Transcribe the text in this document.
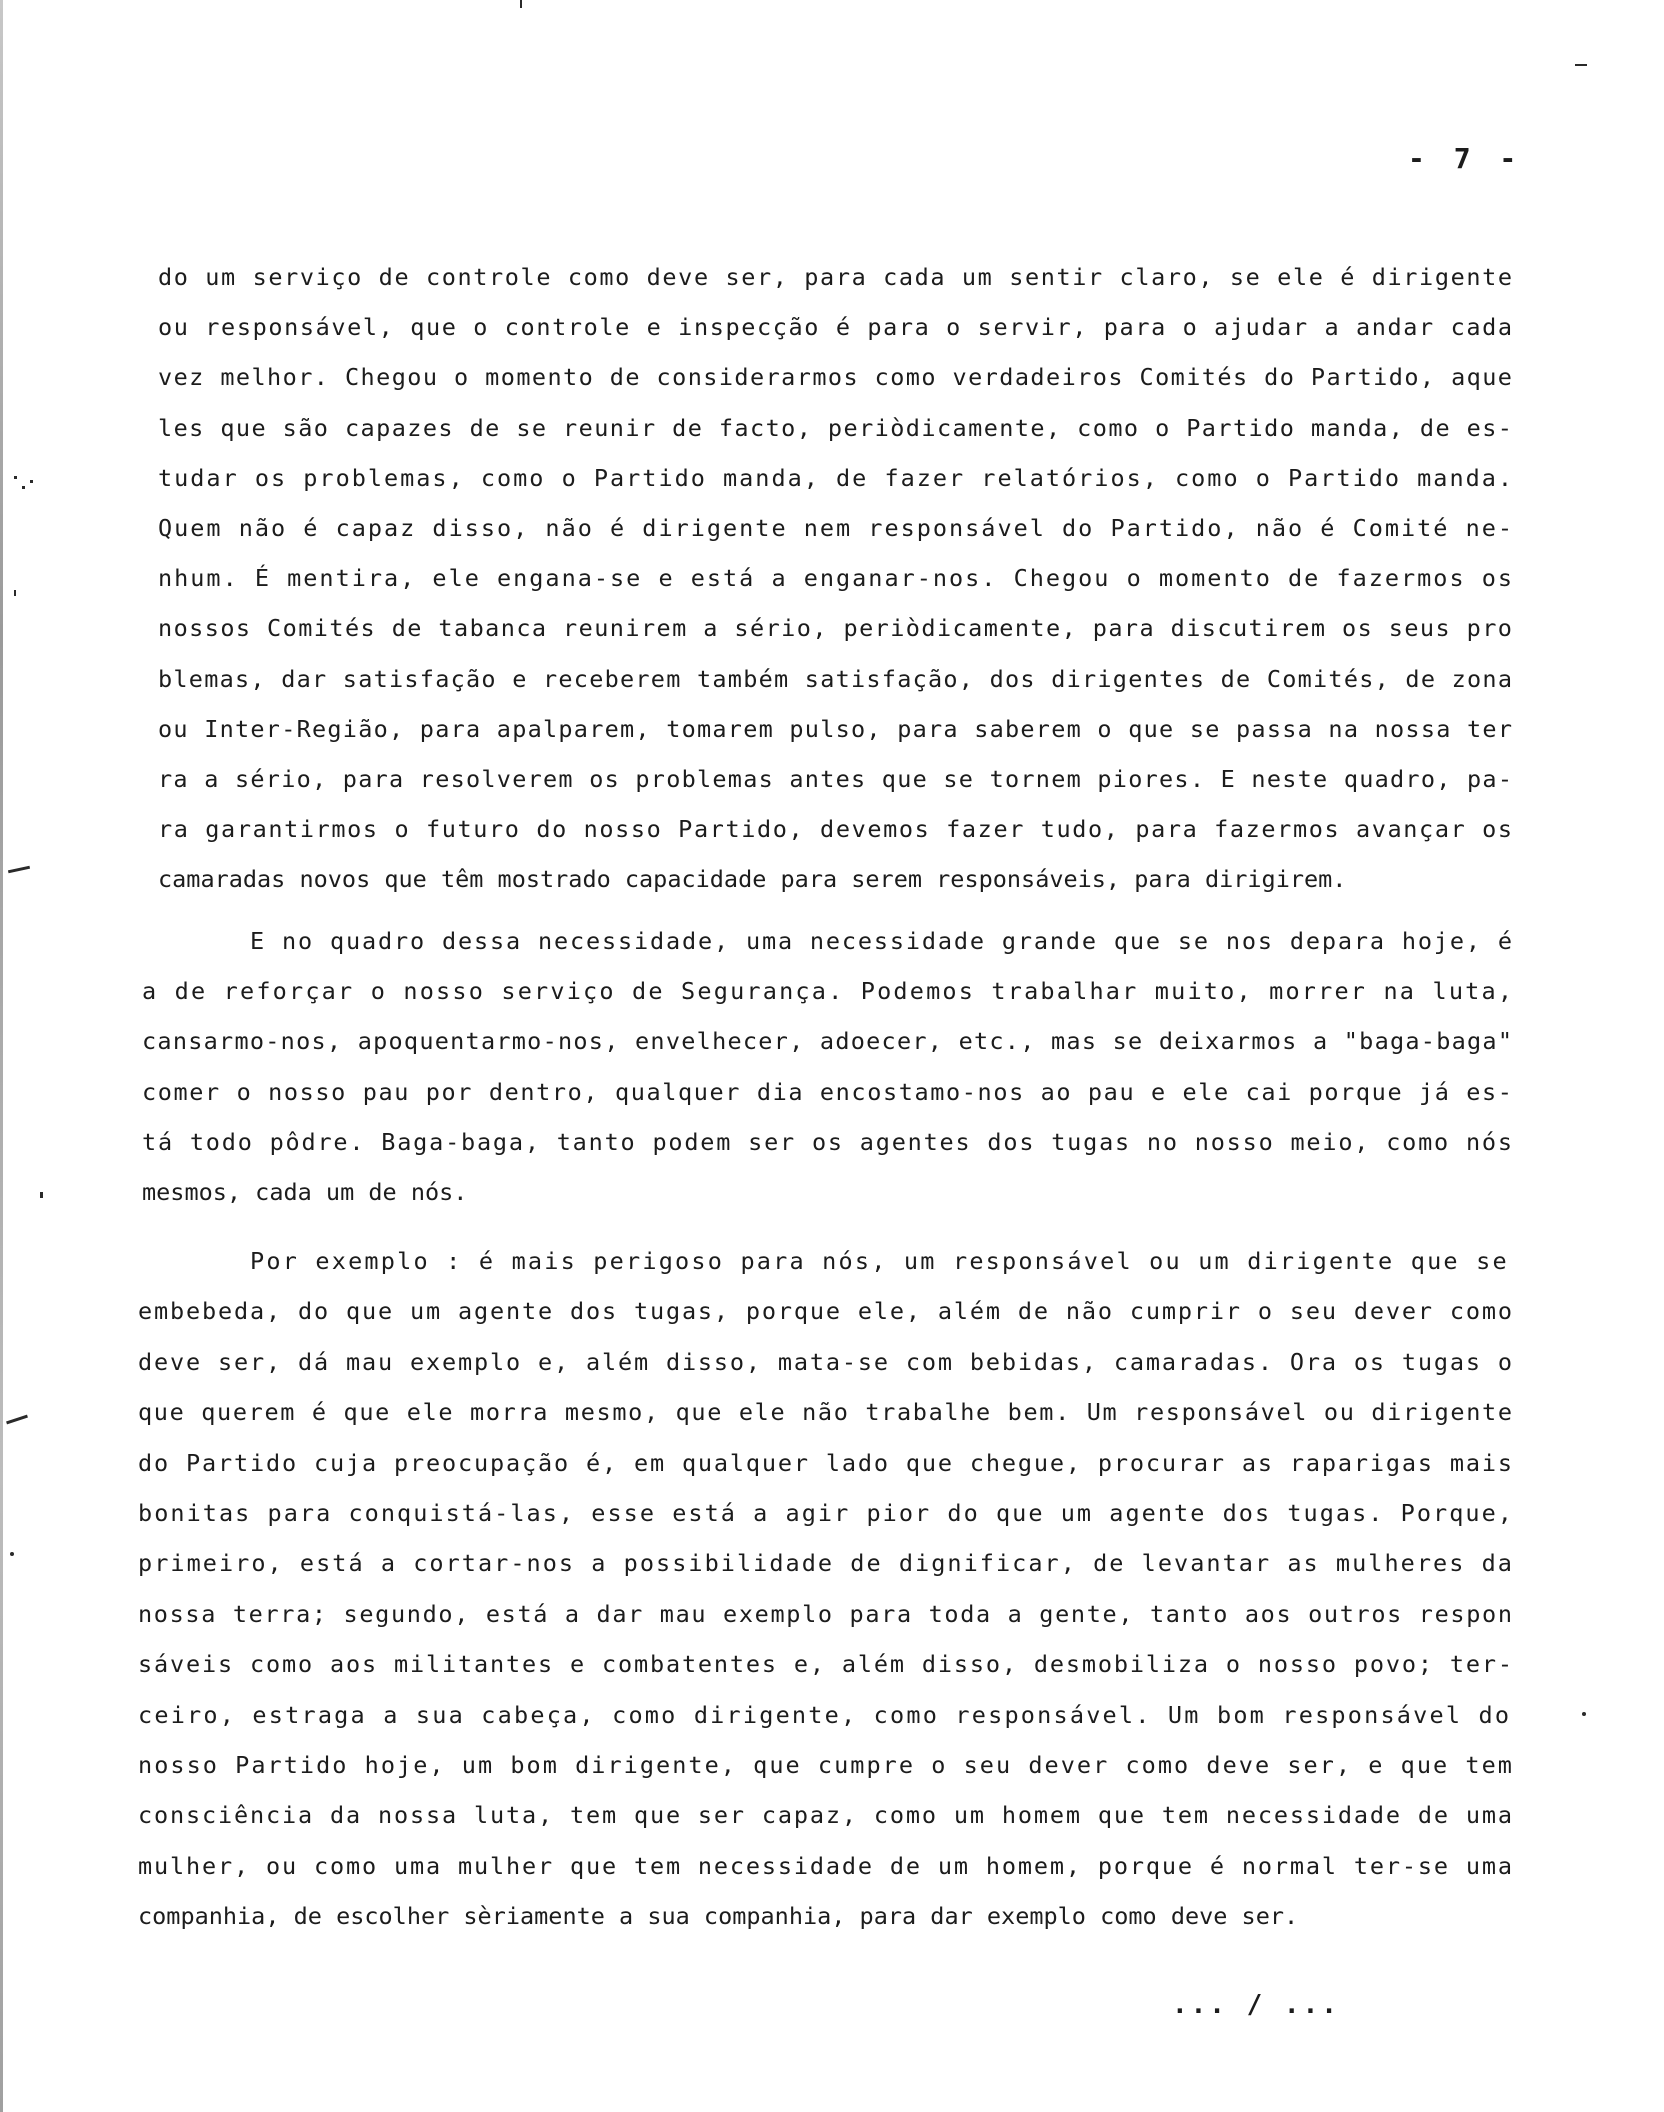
- 7 -
do um serviço de controle como deve ser, para cada um sentir claro, se ele é dirigente
ou responsável, que o controle e inspecção é para o servir, para o ajudar a andar cada
vez melhor. Chegou o momento de considerarmos como verdadeiros Comités do Partido, aque
les que são capazes de se reunir de facto, periòdicamente, como o Partido manda, de es-
tudar os problemas, como o Partido manda, de fazer relatórios, como o Partido manda.
Quem não é capaz disso, não é dirigente nem responsável do Partido, não é Comité ne-
nhum. É mentira, ele engana-se e está a enganar-nos. Chegou o momento de fazermos os
nossos Comités de tabanca reunirem a sério, periòdicamente, para discutirem os seus pro
blemas, dar satisfação e receberem também satisfação, dos dirigentes de Comités, de zona
ou Inter-Região, para apalparem, tomarem pulso, para saberem o que se passa na nossa ter
ra a sério, para resolverem os problemas antes que se tornem piores. E neste quadro, pa-
ra garantirmos o futuro do nosso Partido, devemos fazer tudo, para fazermos avançar os
camaradas novos que têm mostrado capacidade para serem responsáveis, para dirigirem.
E no quadro dessa necessidade, uma necessidade grande que se nos depara hoje, é
a de reforçar o nosso serviço de Segurança. Podemos trabalhar muito, morrer na luta,
cansarmo-nos, apoquentarmo-nos, envelhecer, adoecer, etc., mas se deixarmos a "baga-baga"
comer o nosso pau por dentro, qualquer dia encostamo-nos ao pau e ele cai porque já es-
tá todo pôdre. Baga-baga, tanto podem ser os agentes dos tugas no nosso meio, como nós
mesmos, cada um de nós.
Por exemplo : é mais perigoso para nós, um responsável ou um dirigente que se
embebeda, do que um agente dos tugas, porque ele, além de não cumprir o seu dever como
deve ser, dá mau exemplo e, além disso, mata-se com bebidas, camaradas. Ora os tugas o
que querem é que ele morra mesmo, que ele não trabalhe bem. Um responsável ou dirigente
do Partido cuja preocupação é, em qualquer lado que chegue, procurar as raparigas mais
bonitas para conquistá-las, esse está a agir pior do que um agente dos tugas. Porque,
primeiro, está a cortar-nos a possibilidade de dignificar, de levantar as mulheres da
nossa terra; segundo, está a dar mau exemplo para toda a gente, tanto aos outros respon
sáveis como aos militantes e combatentes e, além disso, desmobiliza o nosso povo; ter-
ceiro, estraga a sua cabeça, como dirigente, como responsável. Um bom responsável do
nosso Partido hoje, um bom dirigente, que cumpre o seu dever como deve ser, e que tem
consciência da nossa luta, tem que ser capaz, como um homem que tem necessidade de uma
mulher, ou como uma mulher que tem necessidade de um homem, porque é normal ter-se uma
companhia, de escolher sèriamente a sua companhia, para dar exemplo como deve ser.
... / ...
